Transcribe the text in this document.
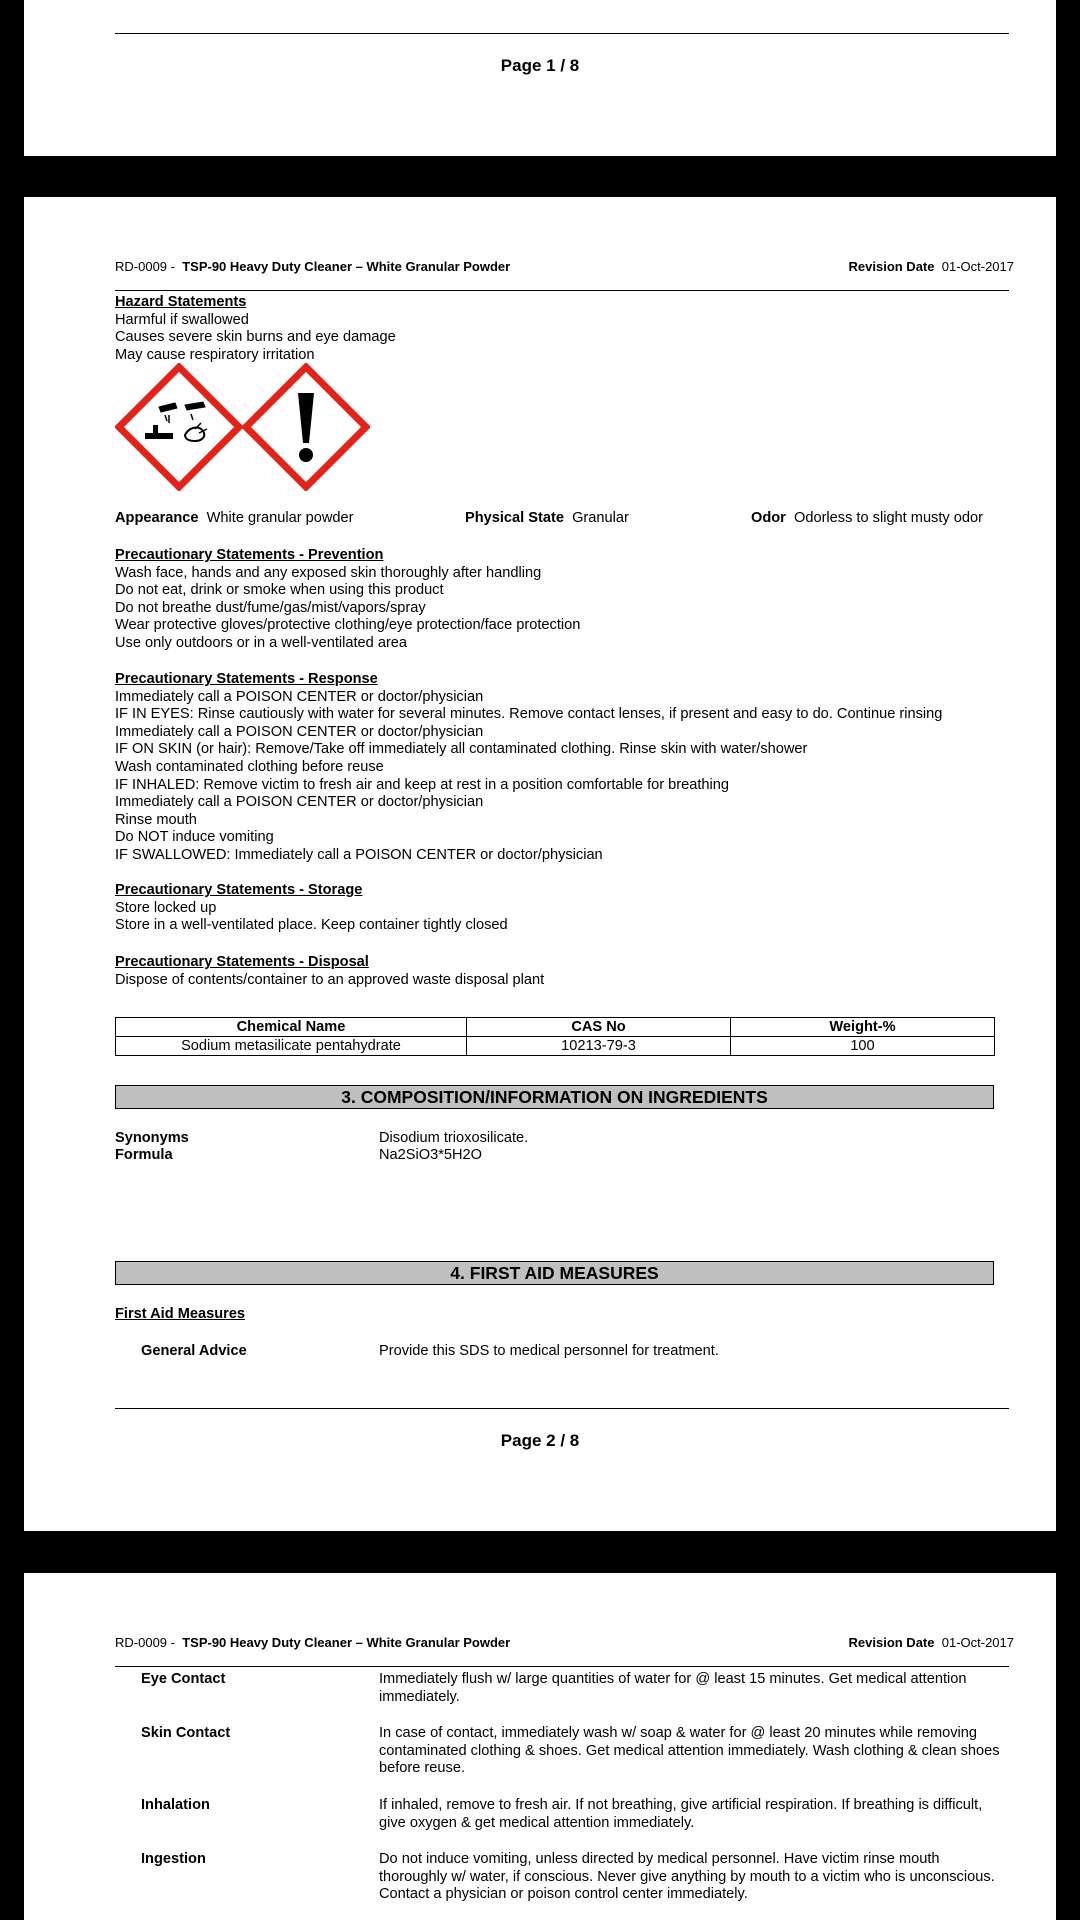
Page 1 / 8
RD-0009 - TSP-90 Heavy Duty Cleaner – White Granular Powder	Revision Date 01-Oct-2017
Hazard Statements
Harmful if swallowed
Causes severe skin burns and eye damage
May cause respiratory irritation
Appearance White granular powder	Physical State Granular	Odor Odorless to slight musty odor
Precautionary Statements - Prevention
Wash face, hands and any exposed skin thoroughly after handling
Do not eat, drink or smoke when using this product
Do not breathe dust/fume/gas/mist/vapors/spray
Wear protective gloves/protective clothing/eye protection/face protection
Use only outdoors or in a well-ventilated area
Precautionary Statements - Response
Immediately call a POISON CENTER or doctor/physician
IF IN EYES: Rinse cautiously with water for several minutes. Remove contact lenses, if present and easy to do. Continue rinsing
Immediately call a POISON CENTER or doctor/physician
IF ON SKIN (or hair): Remove/Take off immediately all contaminated clothing. Rinse skin with water/shower
Wash contaminated clothing before reuse
IF INHALED: Remove victim to fresh air and keep at rest in a position comfortable for breathing
Immediately call a POISON CENTER or doctor/physician
Rinse mouth
Do NOT induce vomiting
IF SWALLOWED: Immediately call a POISON CENTER or doctor/physician
Precautionary Statements - Storage
Store locked up
Store in a well-ventilated place. Keep container tightly closed
Precautionary Statements - Disposal
Dispose of contents/container to an approved waste disposal plant
3. COMPOSITION/INFORMATION ON INGREDIENTS
Synonyms	Disodium trioxosilicate.
Formula	Na2SiO3*5H2O
Chemical Name	CAS No	Weight-%
Sodium metasilicate pentahydrate	10213-79-3	100
4. FIRST AID MEASURES
First Aid Measures
General Advice	Provide this SDS to medical personnel for treatment.
Page 2 / 8
RD-0009 - TSP-90 Heavy Duty Cleaner – White Granular Powder	Revision Date 01-Oct-2017
Eye Contact	Immediately flush w/ large quantities of water for @ least 15 minutes. Get medical attention immediately.
Skin Contact	In case of contact, immediately wash w/ soap & water for @ least 20 minutes while removing contaminated clothing & shoes. Get medical attention immediately. Wash clothing & clean shoes before reuse.
Inhalation	If inhaled, remove to fresh air. If not breathing, give artificial respiration. If breathing is difficult, give oxygen & get medical attention immediately.
Ingestion	Do not induce vomiting, unless directed by medical personnel. Have victim rinse mouth thoroughly w/ water, if conscious. Never give anything by mouth to a victim who is unconscious. Contact a physician or poison control center immediately.
